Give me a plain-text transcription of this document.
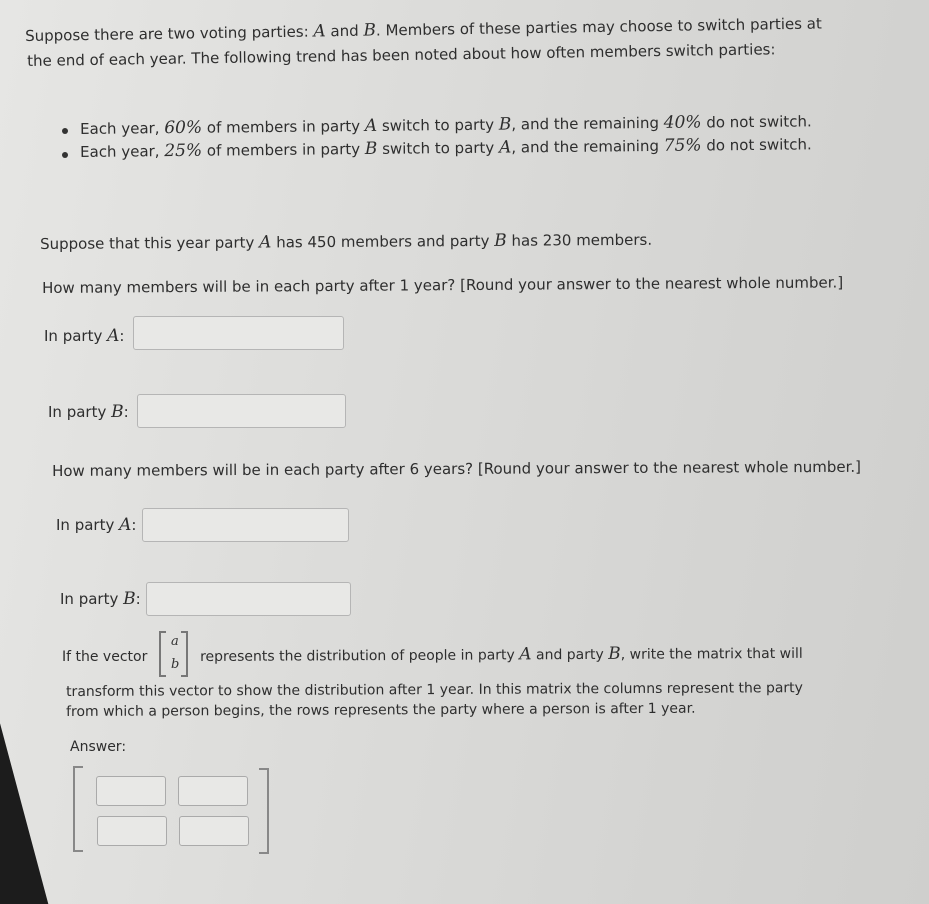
Suppose there are two voting parties: A and B. Members of these parties may choose to switch parties at
the end of each year. The following trend has been noted about how often members switch parties:
Each year, 60% of members in party A switch to party B, and the remaining 40% do not switch.
Each year, 25% of members in party B switch to party A, and the remaining 75% do not switch.
Suppose that this year party A has 450 members and party B has 230 members.
How many members will be in each party after 1 year? [Round your answer to the nearest whole number.]
In party A:
In party B:
How many members will be in each party after 6 years? [Round your answer to the nearest whole number.]
In party A:
In party B:
If the vector
a
b represents the distribution of people in party A and party B, write the matrix that will
transform this vector to show the distribution after 1 year. In this matrix the columns represent the party
from which a person begins, the rows represents the party where a person is after 1 year.
Answer:
